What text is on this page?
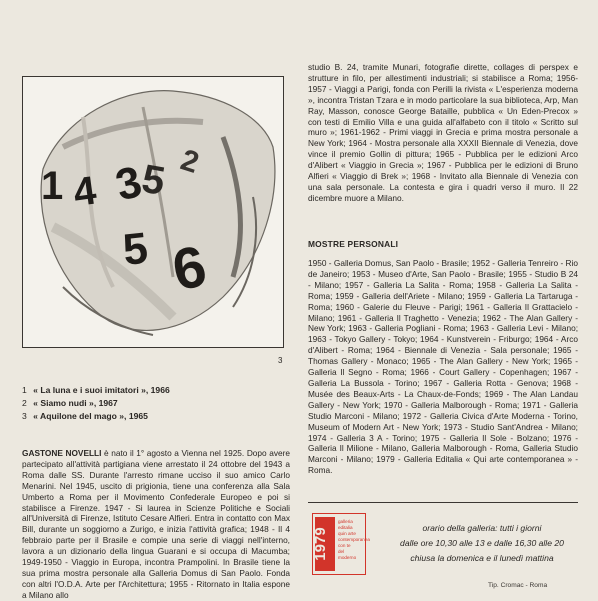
1 4 3
5
5 6
2
3
1 « La luna e i suoi imitatori », 1966
2 « Siamo nudi », 1967
3 « Aquilone del mago », 1965
GASTONE NOVELLI è nato il 1° agosto a Vienna nel 1925. Dopo avere partecipato all'attività partigiana viene arrestato il 24 ottobre del 1943 a Roma dalle SS. Durante l'arresto rimane ucciso il suo amico Carlo Menarini. Nel 1945, uscito di prigionia, tiene una conferenza alla Sala Umberto a Roma per il Movimento Confederale Europeo e poi si stabilisce a Firenze. 1947 - Si laurea in Scienze Politiche e Sociali all'Università di Firenze, Istituto Cesare Alfieri. Entra in contatto con Max Bill, durante un soggiorno a Zurigo, e inizia l'attività grafica; 1948 - Il 4 febbraio parte per il Brasile e compie una serie di viaggi nell'interno, lavora a un dizionario della lingua Guarani e si occupa di Macumba; 1949-1950 - Viaggio in Europa, incontra Prampolini. In Brasile tiene la sua prima mostra personale alla Galleria Domus di San Paolo. Fonda con altri l'O.D.A. Arte per l'Architettura; 1955 - Ritornato in Italia espone a Milano allo
studio B. 24, tramite Munari, fotografie dirette, collages di perspex e strutture in filo, per allestimenti industriali; si stabilisce a Roma; 1956-1957 - Viaggi a Parigi, fonda con Perilli la rivista « L'esperienza moderna », incontra Tristan Tzara e in modo particolare la sua biblioteca, Arp, Man Ray, Masson, conosce George Bataille, pubblica « Un Eden-Precox » con testi di Emilio Villa e una guida all'alfabeto con il titolo « Scritto sul muro »; 1961-1962 - Primi viaggi in Grecia e prima mostra personale a New York; 1964 - Mostra personale alla XXXII Biennale di Venezia, dove vince il premio Gollin di pittura; 1965 - Pubblica per le edizioni Arco d'Alibert « Viaggio in Grecia »; 1967 - Pubblica per le edizioni di Bruno Alfieri « Viaggio di Brek »; 1968 - Invitato alla Biennale di Venezia con una sala personale. La contesta e gira i quadri verso il muro. Il 22 dicembre muore a Milano.
MOSTRE PERSONALI
1950 - Galleria Domus, San Paolo - Brasile; 1952 - Galleria Tenreiro - Rio de Janeiro; 1953 - Museo d'Arte, San Paolo - Brasile; 1955 - Studio B 24 - Milano; 1957 - Galleria La Salita - Roma; 1958 - Galleria La Salita - Roma; 1959 - Galleria dell'Ariete - Milano; 1959 - Galleria La Tartaruga - Roma; 1960 - Galerie du Fleuve - Parigi; 1961 - Galleria Il Grattacielo - Milano; 1961 - Galleria Il Traghetto - Venezia; 1962 - The Alan Gallery - New York; 1963 - Galleria Pogliani - Roma; 1963 - Galleria Levi - Milano; 1963 - Tokyo Gallery - Tokyo; 1964 - Kunstverein - Friburgo; 1964 - Arco d'Alibert - Roma; 1964 - Biennale di Venezia - Sala personale; 1965 - Thomas Gallery - Monaco; 1965 - The Alan Gallery - New York; 1965 - Galleria Il Segno - Roma; 1966 - Court Gallery - Copenhagen; 1967 - Galleria La Bussola - Torino; 1967 - Galleria Rotta - Genova; 1968 - Musée des Beaux-Arts - La Chaux-de-Fonds; 1969 - The Alan Landau Gallery - New York; 1970 - Galleria Malborough - Roma; 1971 - Galleria Studio Marconi - Milano; 1972 - Galleria Civica d'Arte Moderna - Torino, Museum of Modern Art - New York; 1973 - Studio Sant'Andrea - Milano; 1974 - Galleria 3 A - Torino; 1975 - Galleria Il Sole - Bolzano; 1976 - Galleria Il Milione - Milano, Galleria Malborough - Roma, Galleria Studio Marconi - Milano; 1979 - Galleria Editalia « Qui arte contemporanea » - Roma.
1979
galleria
editalia
quin arte
contemporanea
con te
del
moderno
orario della galleria: tutti i giorni
dalle ore 10,30 alle 13 e dalle 16,30 alle 20
chiusa la domenica e il lunedì mattina
Tip. Cromac - Roma
